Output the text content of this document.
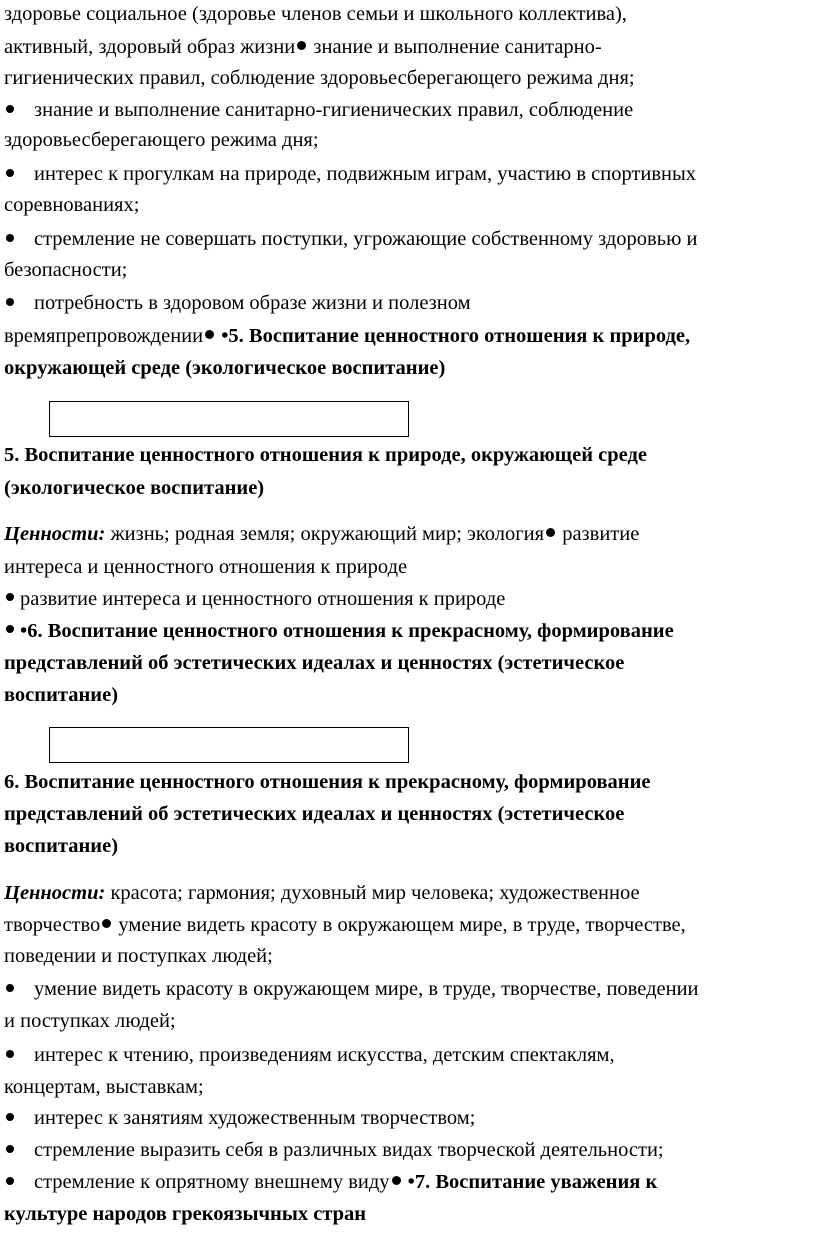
здоровье социальное (здоровье членов семьи и школьного коллектива),
активный, здоровый образ жизни знание и выполнение санитарно-
гигиенических правил, соблюдение здоровьесберегающего режима дня;
знание и выполнение санитарно-гигиенических правил, соблюдение
здоровьесберегающего режима дня;
интерес к прогулкам на природе, подвижным играм, участию в спортивных
соревнованиях;
стремление не совершать поступки, угрожающие собственному здоровью и
безопасности;
потребность в здоровом образе жизни и полезном
времяпрепровождении •5. Воспитание ценностного отношения к природе,
окружающей среде (экологическое воспитание)
5. Воспитание ценностного отношения к природе, окружающей среде
(экологическое воспитание)
Ценности: жизнь; родная земля; окружающий мир; экология развитие
интереса и ценностного отношения к природе
развитие интереса и ценностного отношения к природе
•6. Воспитание ценностного отношения к прекрасному, формирование
представлений об эстетических идеалах и ценностях (эстетическое
воспитание)
6. Воспитание ценностного отношения к прекрасному, формирование
представлений об эстетических идеалах и ценностях (эстетическое
воспитание)
Ценности: красота; гармония; духовный мир человека; художественное
творчество умение видеть красоту в окружающем мире, в труде, творчестве,
поведении и поступках людей;
умение видеть красоту в окружающем мире, в труде, творчестве, поведении
и поступках людей;
интерес к чтению, произведениям искусства, детским спектаклям,
концертам, выставкам;
интерес к занятиям художественным творчеством;
стремление выразить себя в различных видах творческой деятельности;
стремление к опрятному внешнему виду •7. Воспитание уважения к
культуре народов грекоязычных стран
